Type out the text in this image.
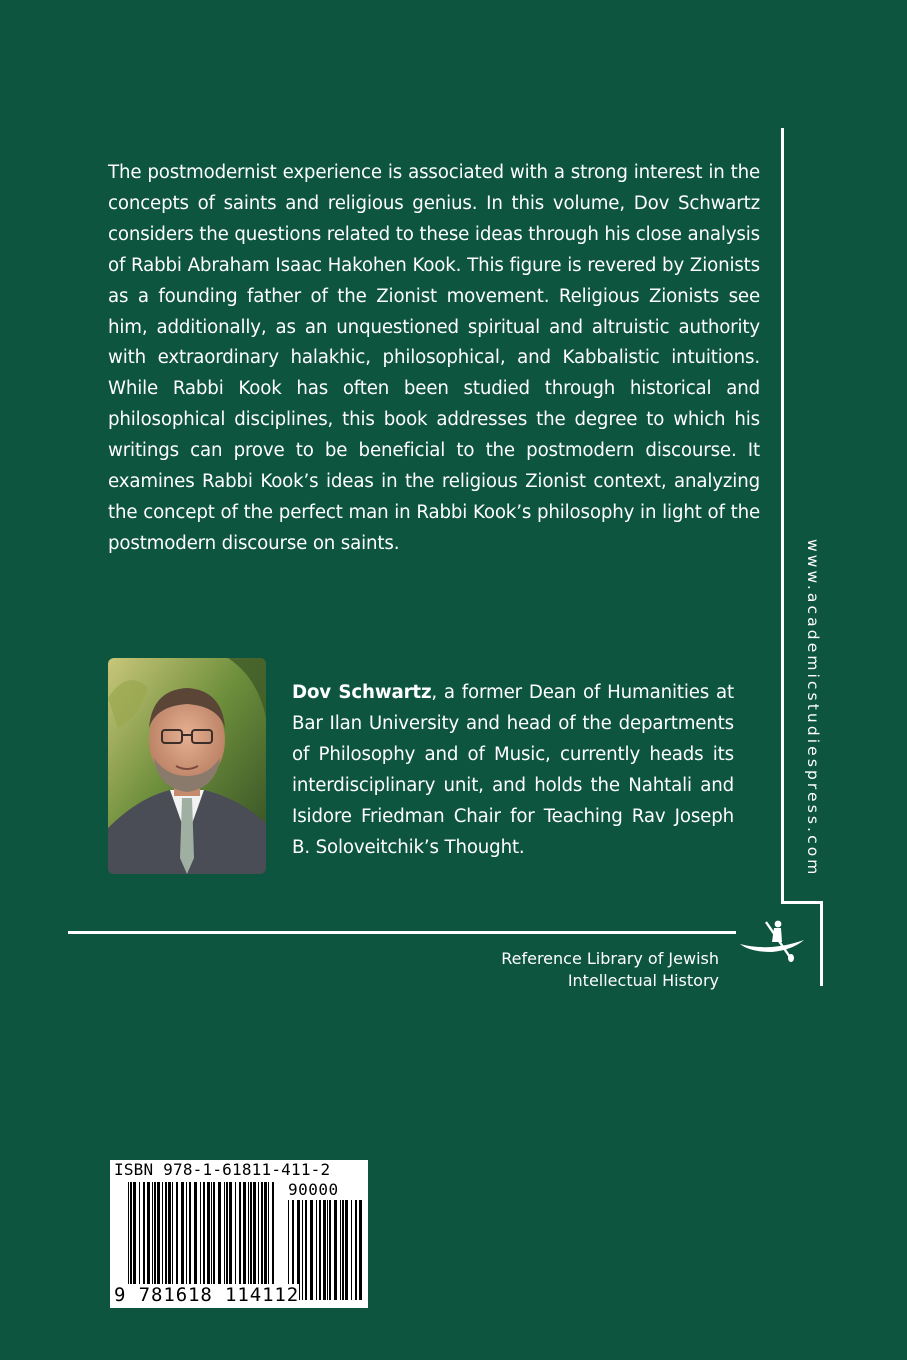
The postmodernist experience is associated with a strong interest in the concepts of saints and religious genius. In this volume, Dov Schwartz considers the questions related to these ideas through his close analysis of Rabbi Abraham Isaac Hakohen Kook. This figure is revered by Zionists as a founding father of the Zionist movement. Religious Zionists see him, additionally, as an unquestioned spiritual and altruistic authority with extraordinary halakhic, philosophical, and Kabbalistic intuitions. While Rabbi Kook has often been studied through historical and philosophical disciplines, this book addresses the degree to which his writings can prove to be beneficial to the postmodern discourse. It examines Rabbi Kook’s ideas in the religious Zionist context, analyzing the concept of the perfect man in Rabbi Kook’s philosophy in light of the postmodern discourse on saints.

Dov Schwartz, a former Dean of Humanities at Bar Ilan University and head of the departments of Philosophy and of Music, currently heads its interdisciplinary unit, and holds the Nahtali and Isidore Friedman Chair for Teaching Rav Joseph B. Soloveitchik’s Thought.	www.academicstudiespress.com
Reference Library of Jewish
Intellectual History
ISBN 978-1-61811-411-2
90000
9 781618 114112
